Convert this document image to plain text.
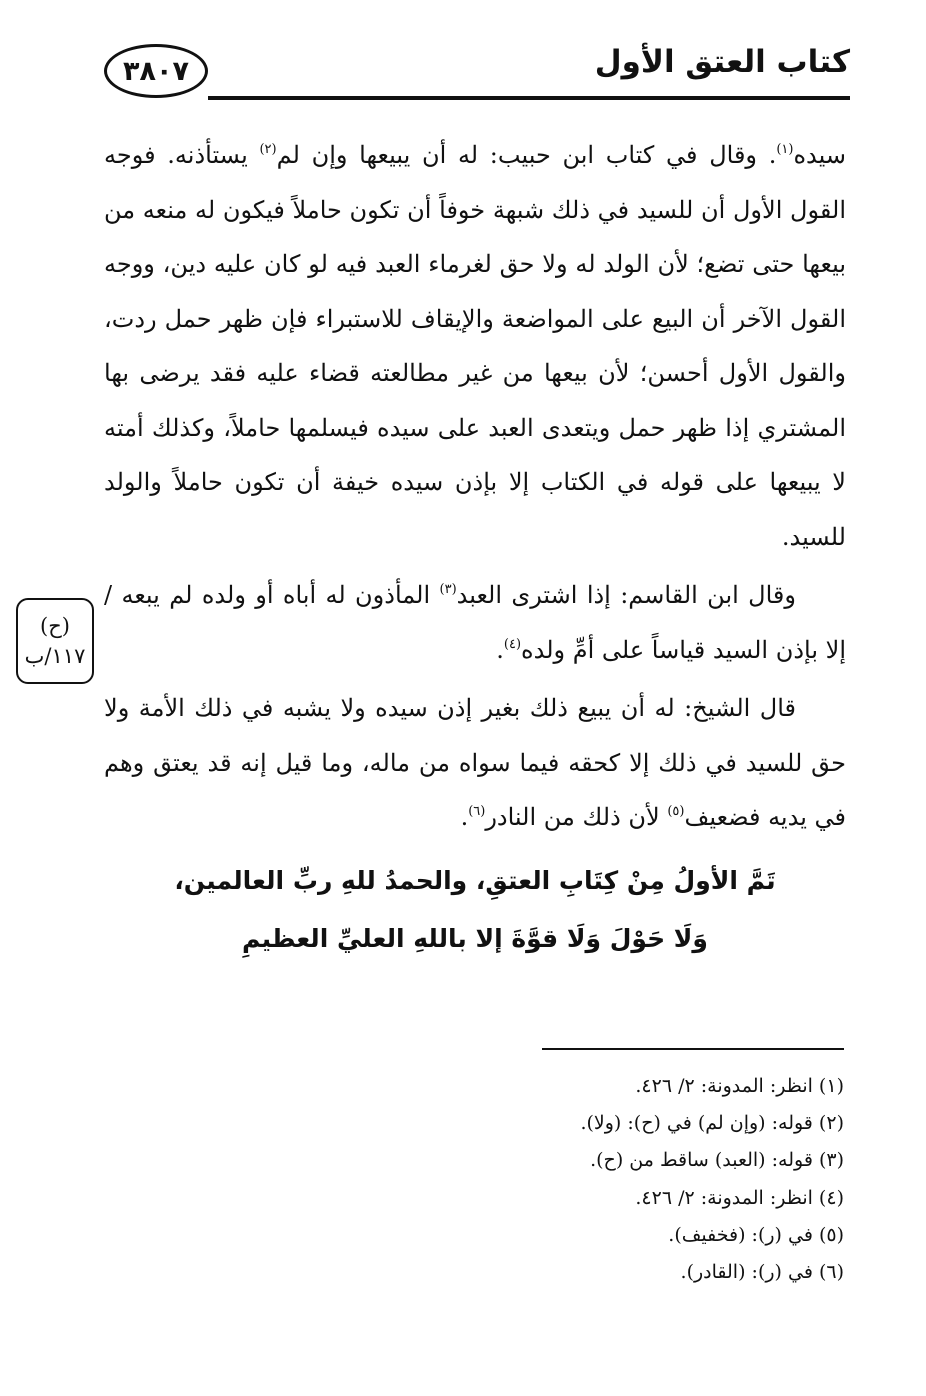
٣٨٠٧	كتاب العتق الأول

سيده$^{(١)}$. وقال في كتاب ابن حبيب: له أن يبيعها وإن لم$^{(٢)}$ يستأذنه. فوجه القول الأول أن للسيد في ذلك شبهة خوفاً أن تكون حاملاً فيكون له منعه من بيعها حتى تضع؛ لأن الولد له ولا حق لغرماء العبد فيه لو كان عليه دين، ووجه القول الآخر أن البيع على المواضعة والإيقاف للاستبراء فإن ظهر حمل ردت، والقول الأول أحسن؛ لأن بيعها من غير مطالعته قضاء عليه فقد يرضى بها المشتري إذا ظهر حمل ويتعدى العبد على سيده فيسلمها حاملاً، وكذلك أمته لا يبيعها على قوله في الكتاب إلا بإذن سيده خيفة أن تكون حاملاً والولد للسيد.

وقال ابن القاسم: إذا اشترى العبد$^{(٣)}$ المأذون له أباه أو ولده لم يبعه / إلا بإذن السيد قياساً على أمِّ ولده$^{(٤)}$.

قال الشيخ: له أن يبيع ذلك بغير إذن سيده ولا يشبه في ذلك الأمة ولا حق للسيد في ذلك إلا كحقه فيما سواه من ماله، وما قيل إنه قد يعتق وهم في يديه فضعيف$^{(٥)}$ لأن ذلك من النادر$^{(٦)}$.

(ح)
١١٧/ب
تَمَّ الأولُ مِنْ كِتَابِ العتقِ، والحمدُ للهِ ربِّ العالمين،
وَلَا حَوْلَ وَلَا قوَّةَ إلا باللهِ العليِّ العظيمِ
(١) انظر: المدونة: ٢/ ٤٢٦.
(٢) قوله: (وإن لم) في (ح): (ولا).
(٣) قوله: (العبد) ساقط من (ح).
(٤) انظر: المدونة: ٢/ ٤٢٦.
(٥) في (ر): (فخفيف).
(٦) في (ر): (القادر).
